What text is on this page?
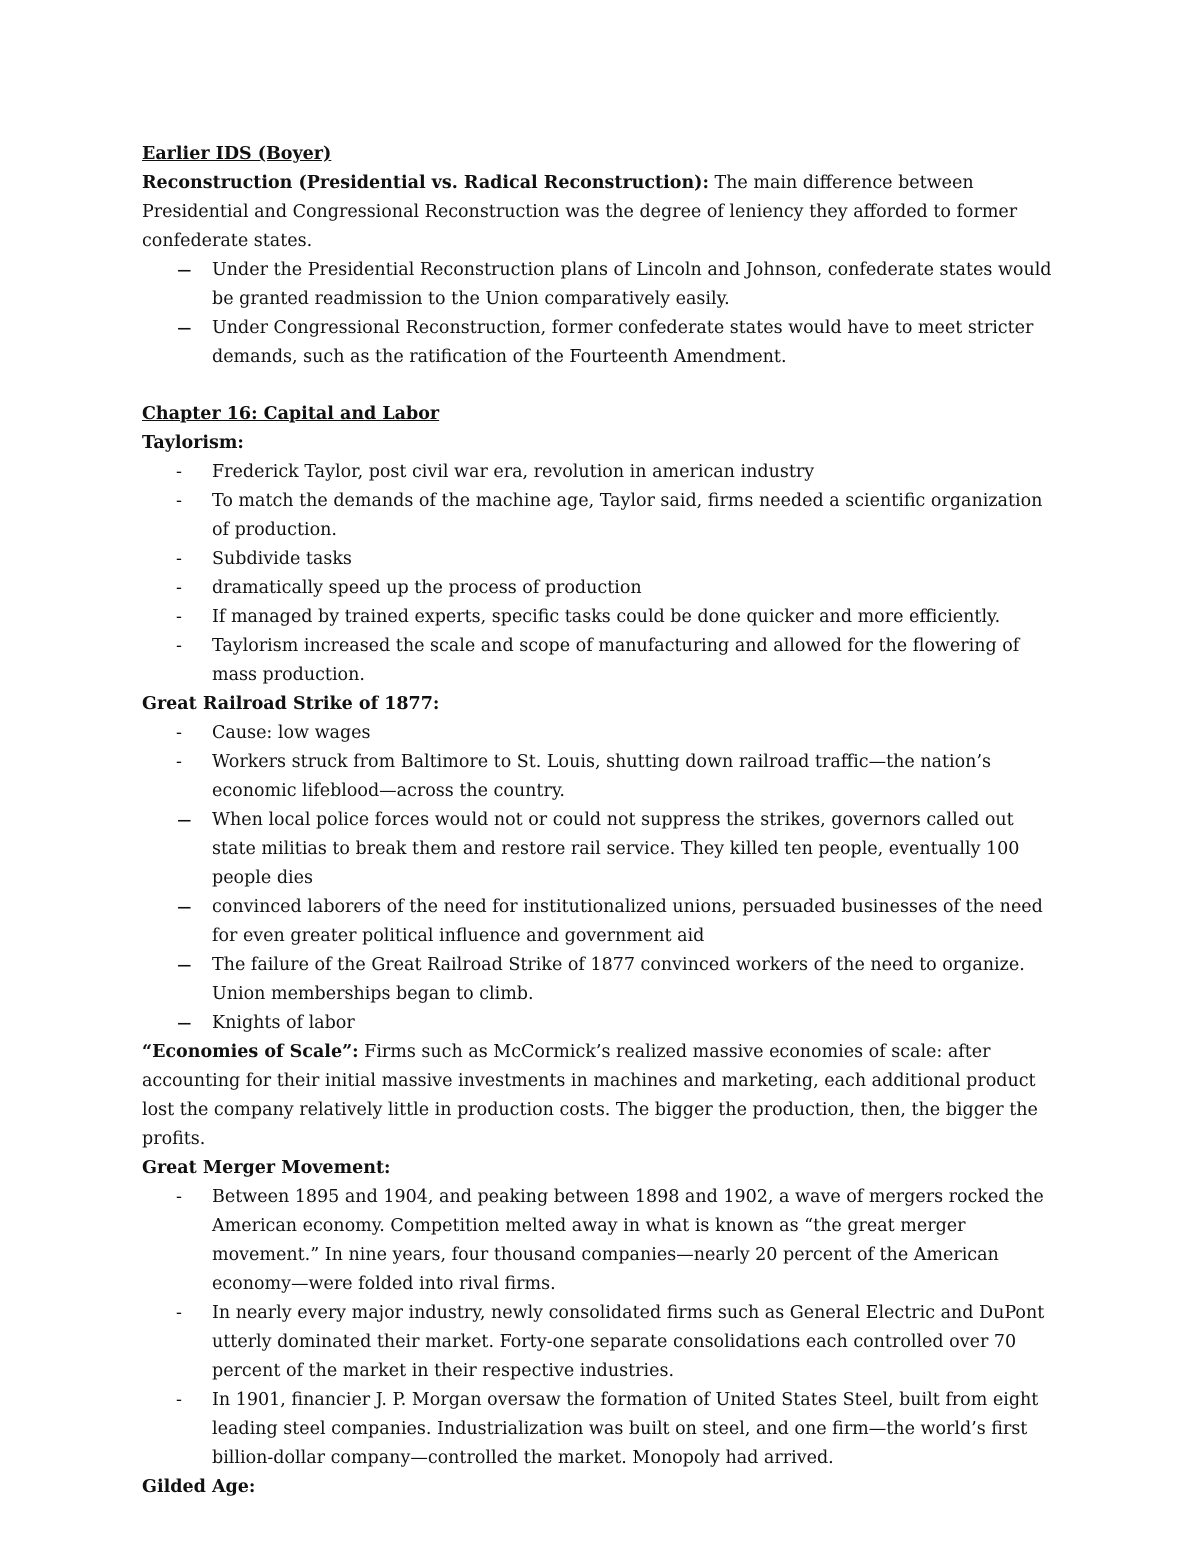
Earlier IDS (Boyer)

Reconstruction (Presidential vs. Radical Reconstruction): The main difference between Presidential and Congressional Reconstruction was the degree of leniency they afforded to former confederate states.

− Under the Presidential Reconstruction plans of Lincoln and Johnson, confederate states would be granted readmission to the Union comparatively easily.
− Under Congressional Reconstruction, former confederate states would have to meet stricter demands, such as the ratification of the Fourteenth Amendment.
Chapter 16: Capital and Labor
Taylorism:
-	Frederick Taylor, post civil war era, revolution in american industry
-	To match the demands of the machine age, Taylor said, firms needed a scientific organization of production.
-	Subdivide tasks
-	dramatically speed up the process of production
-	If managed by trained experts, specific tasks could be done quicker and more efficiently.
-	Taylorism increased the scale and scope of manufacturing and allowed for the flowering of mass production.
Great Railroad Strike of 1877:
-	Cause: low wages
-	Workers struck from Baltimore to St. Louis, shutting down railroad traffic—the nation’s economic lifeblood—across the country.
− When local police forces would not or could not suppress the strikes, governors called out state militias to break them and restore rail service. They killed ten people, eventually 100 people dies
− convinced laborers of the need for institutionalized unions, persuaded businesses of the need for even greater political influence and government aid
− The failure of the Great Railroad Strike of 1877 convinced workers of the need to organize. Union memberships began to climb.
− Knights of labor

“Economies of Scale”: Firms such as McCormick’s realized massive economies of scale: after accounting for their initial massive investments in machines and marketing, each additional product lost the company relatively little in production costs. The bigger the production, then, the bigger the profits.

Great Merger Movement:
-	Between 1895 and 1904, and peaking between 1898 and 1902, a wave of mergers rocked the American economy. Competition melted away in what is known as “the great merger movement.” In nine years, four thousand companies—nearly 20 percent of the American economy—were folded into rival firms.
-	In nearly every major industry, newly consolidated firms such as General Electric and DuPont utterly dominated their market. Forty-one separate consolidations each controlled over 70 percent of the market in their respective industries.
-	In 1901, financier J. P. Morgan oversaw the formation of United States Steel, built from eight leading steel companies. Industrialization was built on steel, and one firm—the world’s first billion-dollar company—controlled the market. Monopoly had arrived.
Gilded Age:
